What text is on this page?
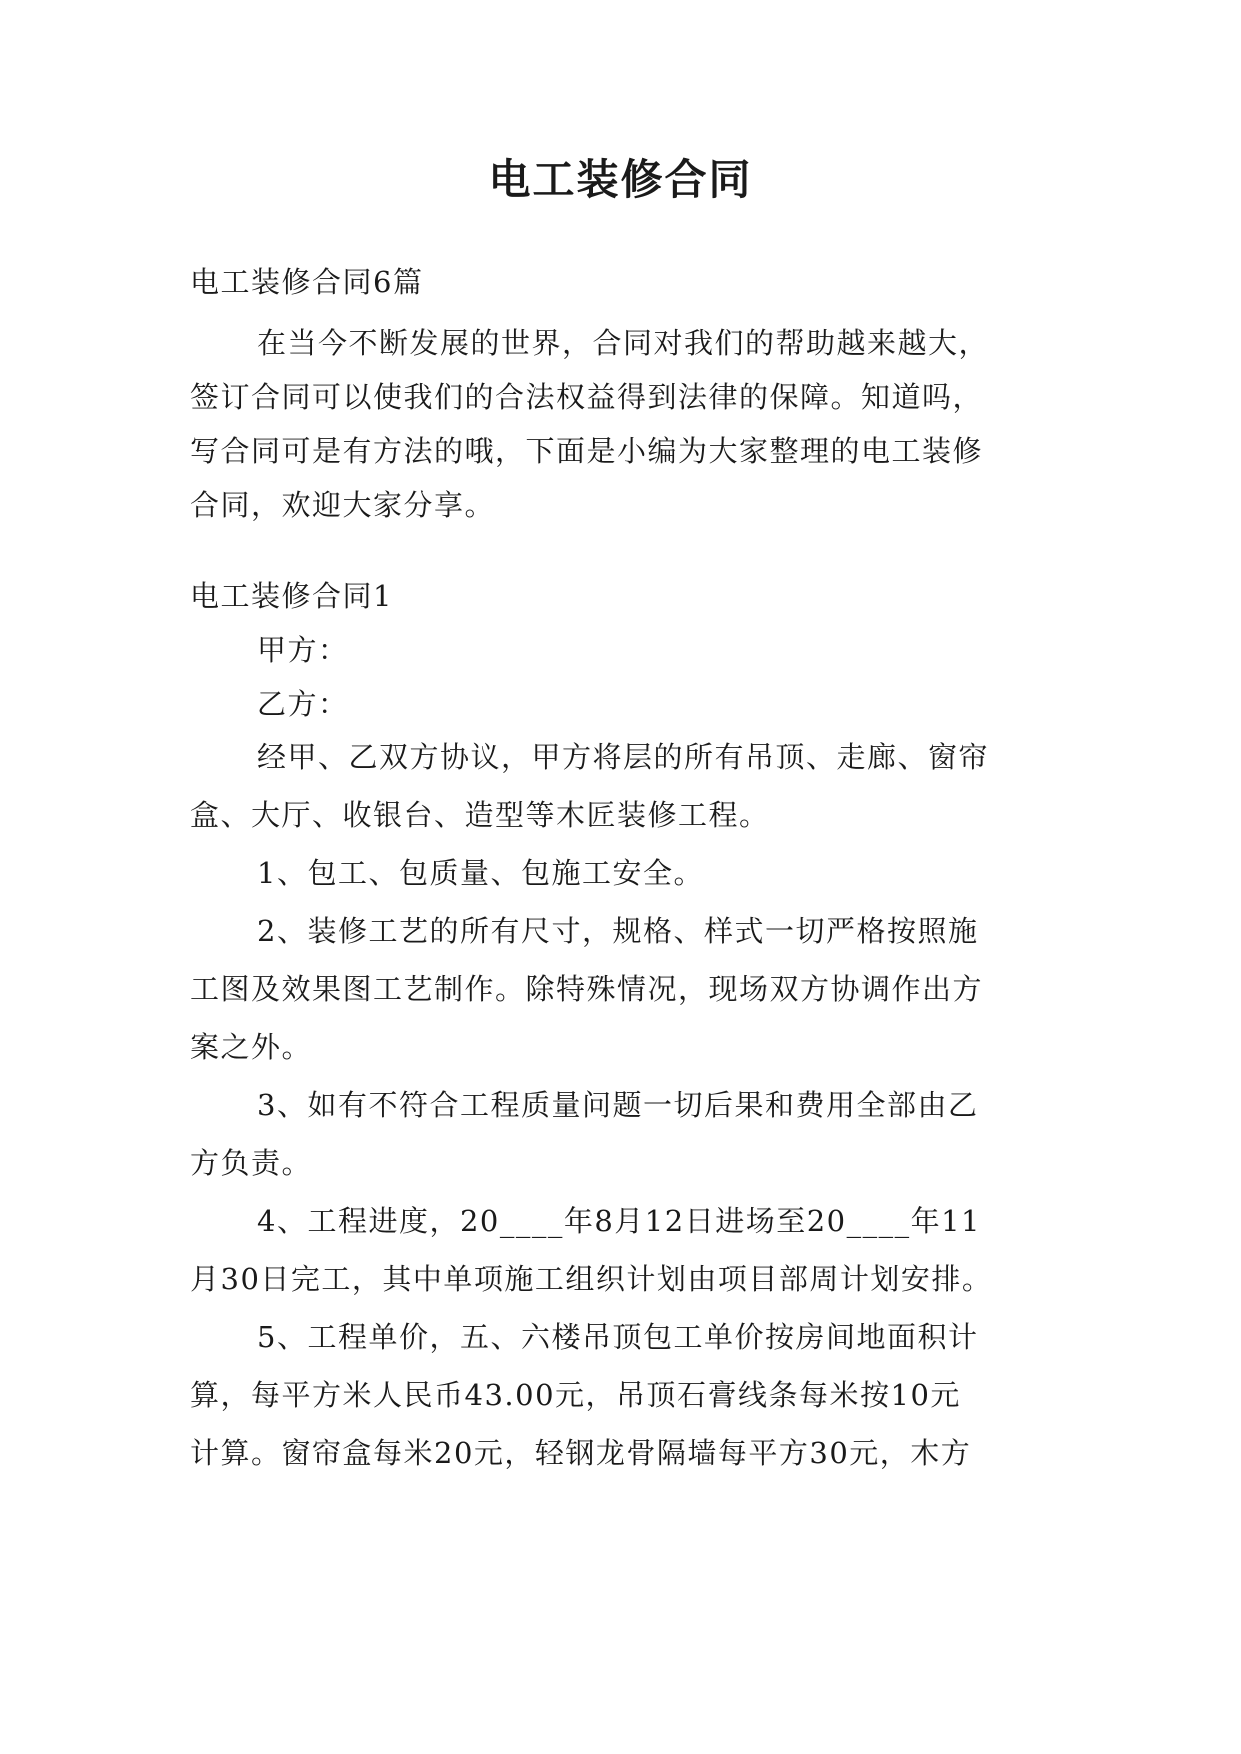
电工装修合同

电工装修合同6篇

在当今不断发展的世界，合同对我们的帮助越来越大，

签订合同可以使我们的合法权益得到法律的保障。知道吗，

写合同可是有方法的哦，下面是小编为大家整理的电工装修

合同，欢迎大家分享。

电工装修合同1

甲方：

乙方：

经甲、乙双方协议，甲方将层的所有吊顶、走廊、窗帘

盒、大厅、收银台、造型等木匠装修工程。

1、包工、包质量、包施工安全。

2、装修工艺的所有尺寸，规格、样式一切严格按照施

工图及效果图工艺制作。除特殊情况，现场双方协调作出方

案之外。

3、如有不符合工程质量问题一切后果和费用全部由乙

方负责。

4、工程进度，20____年8月12日进场至20____年11

月30日完工，其中单项施工组织计划由项目部周计划安排。

5、工程单价，五、六楼吊顶包工单价按房间地面积计

算，每平方米人民币43.00元，吊顶石膏线条每米按10元

计算。窗帘盒每米20元，轻钢龙骨隔墙每平方30元，木方
